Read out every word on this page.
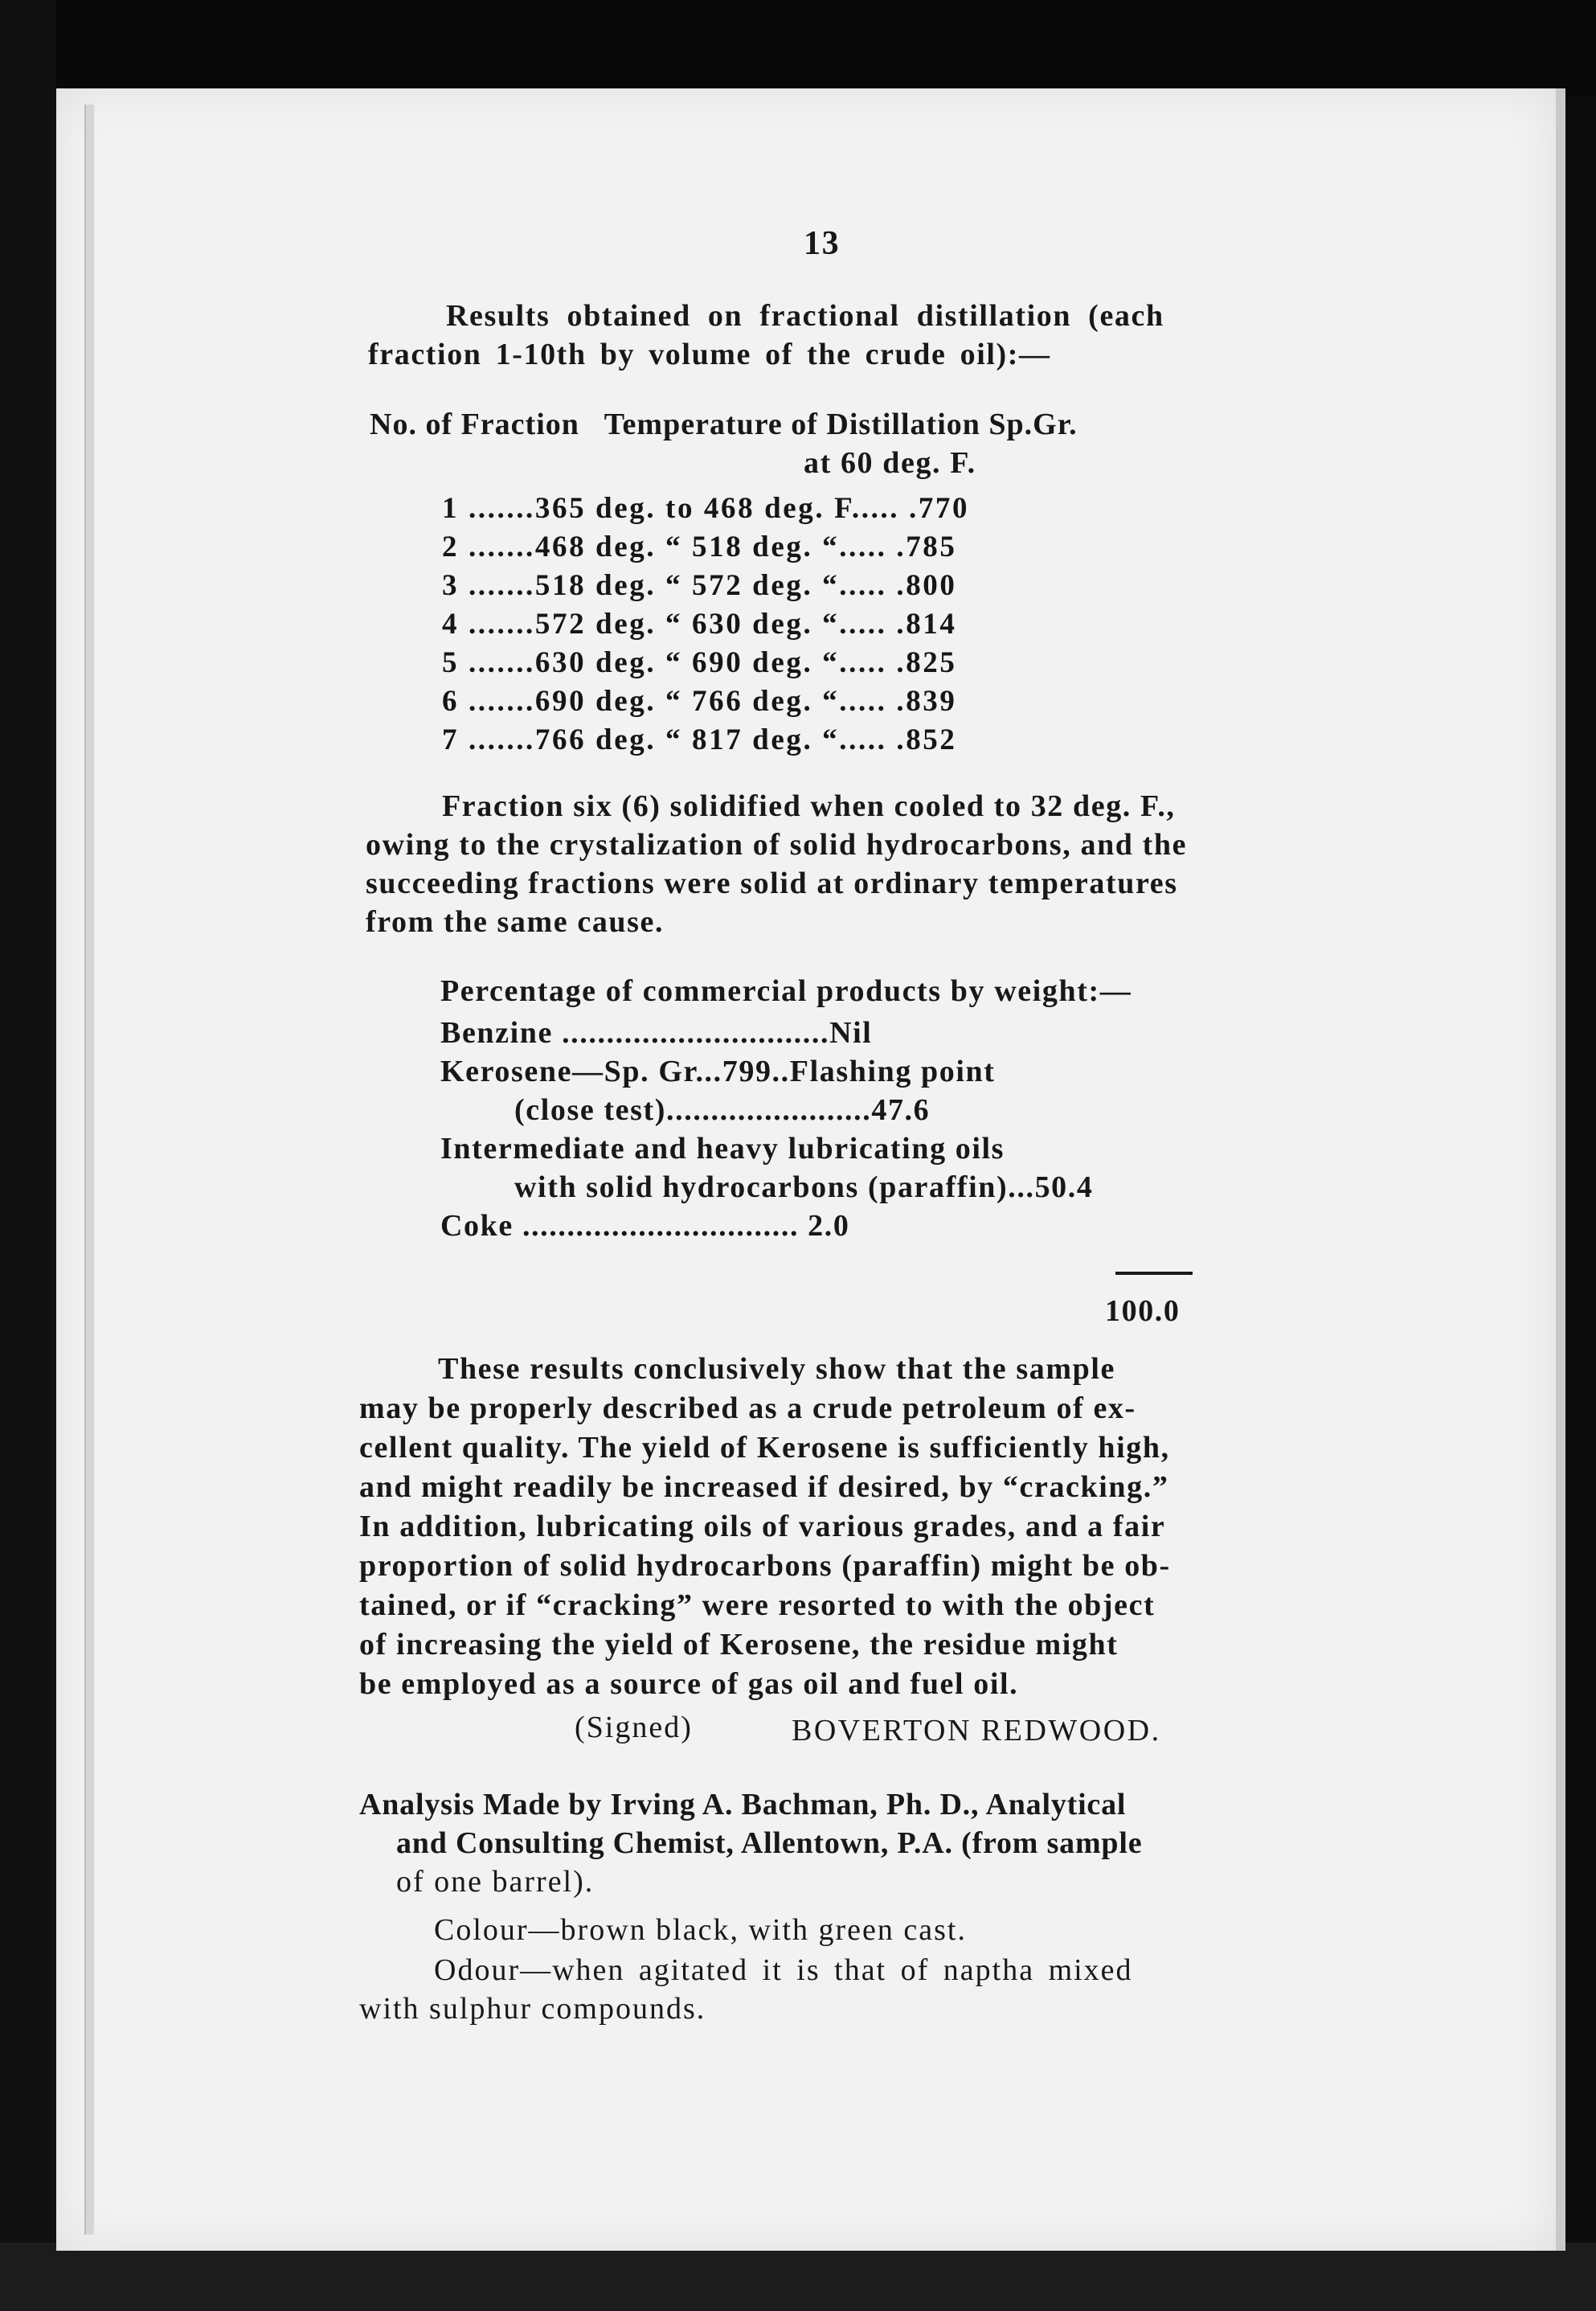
13
Results obtained on fractional distillation (each
fraction 1-10th by volume of the crude oil):—
No. of Fraction   Temperature of Distillation Sp.Gr.
at 60 deg. F.
1 .......365 deg. to 468 deg. F..... .770
2 .......468 deg. “ 518 deg. “..... .785
3 .......518 deg. “ 572 deg. “..... .800
4 .......572 deg. “ 630 deg. “..... .814
5 .......630 deg. “ 690 deg. “..... .825
6 .......690 deg. “ 766 deg. “..... .839
7 .......766 deg. “ 817 deg. “..... .852
Fraction six (6) solidified when cooled to 32 deg. F.,
owing to the crystalization of solid hydrocarbons, and the
succeeding fractions were solid at ordinary temperatures
from the same cause.
Percentage of commercial products by weight:—
Benzine ..............................Nil
Kerosene—Sp. Gr...799..Flashing point
(close test).......................47.6
Intermediate and heavy lubricating oils
with solid hydrocarbons (paraffin)...50.4
Coke ............................... 2.0
100.0
These results conclusively show that the sample
may be properly described as a crude petroleum of ex-
cellent quality. The yield of Kerosene is sufficiently high,
and might readily be increased if desired, by “cracking.”
In addition, lubricating oils of various grades, and a fair
proportion of solid hydrocarbons (paraffin) might be ob-
tained, or if “cracking” were resorted to with the object
of increasing the yield of Kerosene, the residue might
be employed as a source of gas oil and fuel oil.
(Signed)	BOVERTON REDWOOD.
Analysis Made by Irving A. Bachman, Ph. D., Analytical
and Consulting Chemist, Allentown, P.A. (from sample
of one barrel).
Colour—brown black, with green cast.
Odour—when agitated it is that of naptha mixed
with sulphur compounds.
